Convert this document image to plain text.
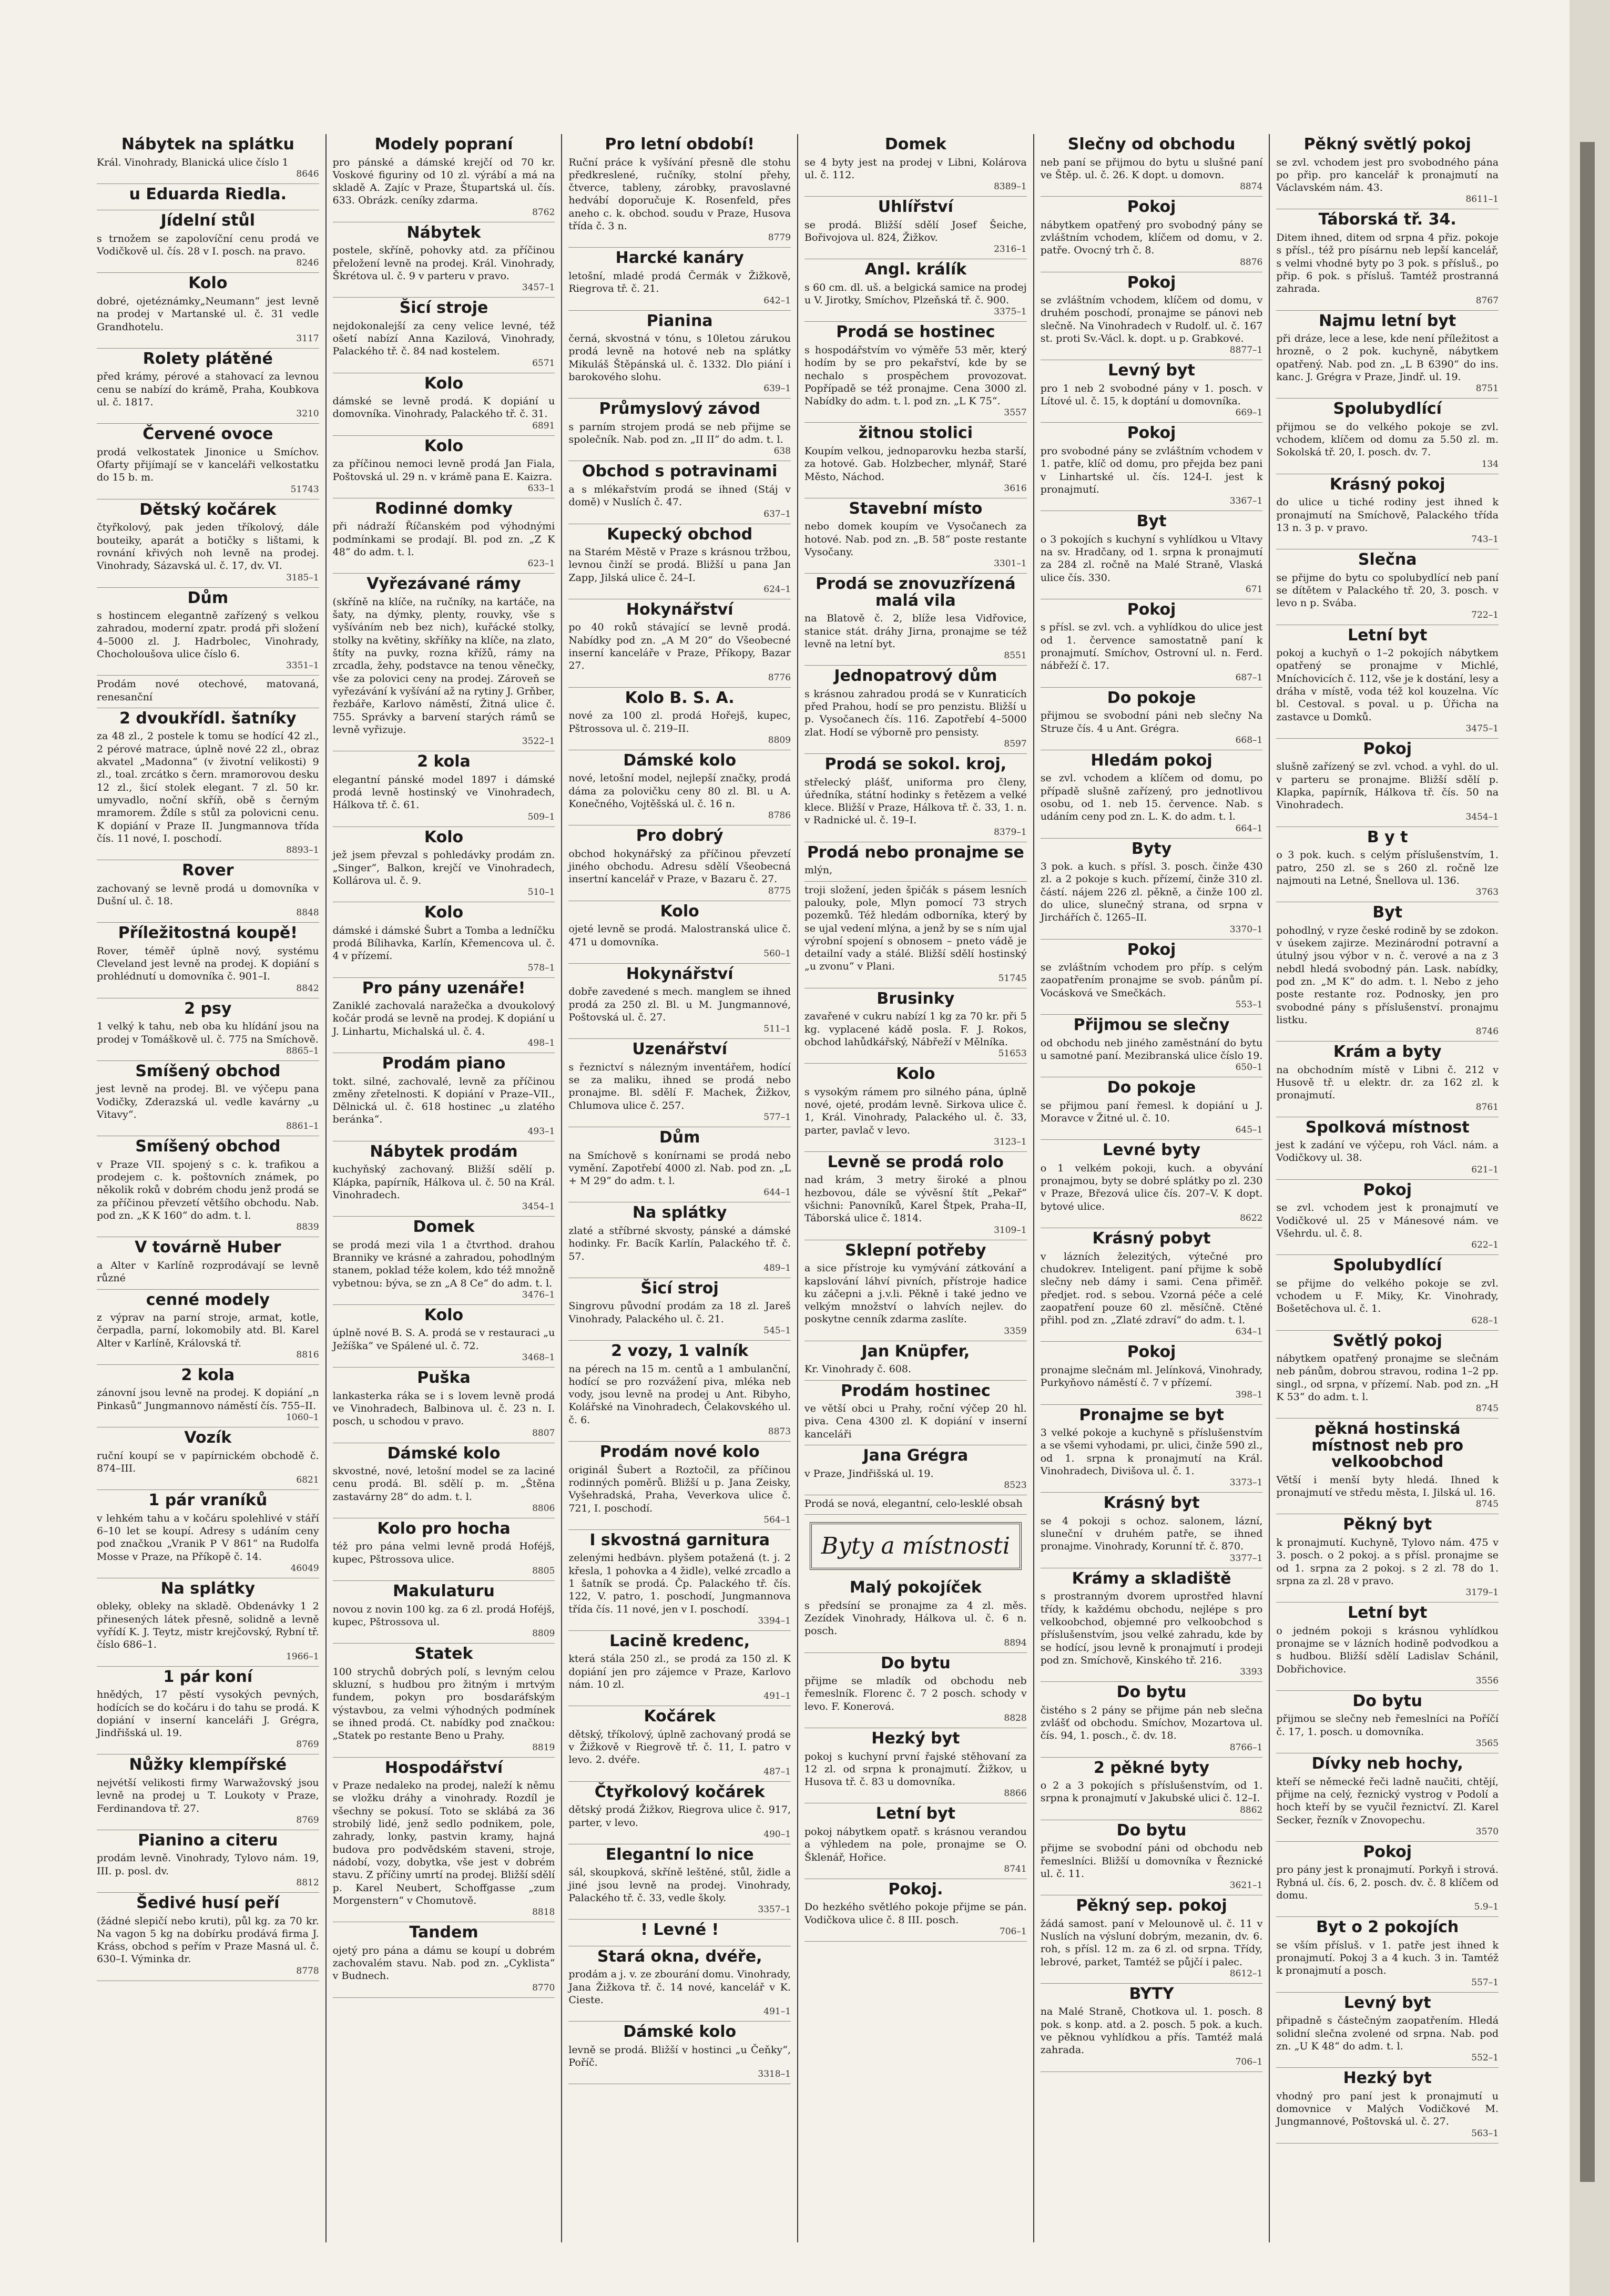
Nábytek na splátku

Král. Vinohrady, Blanická ulice číslo 1

8646
u Eduarda Riedla.
Jídelní stůl

s trnožem se zapolovíční cenu prodá ve Vodičkově ul. čís. 28 v I. posch. na pravo.

8246
Kolo

dobré, ojetéznámky„Neumann“ jest levně na prodej v Martanské ul. č. 31 vedle Grandhotelu.

3117
Rolety plátěné

před krámy, pérové a stahovací za levnou cenu se nabízí do krámě, Praha, Koubkova ul. č. 1817.

3210
Červené ovoce

prodá velkostatek Jinonice u Smíchov. Ofarty přijímají se v kanceláři velkostatku do 15 b. m.

51743
Dětský kočárek

čtyřkolový, pak jeden tříkolový, dále bouteiky, aparát a botičky s lištami, k rovnání křivých noh levně na prodej. Vinohrady, Sázavská ul. č. 17, dv. VI.

3185–1
Dům

s hostincem elegantně zařízený s velkou zahradou, moderní zpatr. prodá při složení 4–5000 zl. J. Hadrbolec, Vinohrady, Chocholoušova ulice číslo 6.

3351–1

Prodám nové otechové, matovaná, renesanční

2 dvoukřídl. šatníky

za 48 zl., 2 postele k tomu se hodící 42 zl., 2 pérové matrace, úplně nové 22 zl., obraz akvatel „Madonna“ (v životní velikosti) 9 zl., toal. zrcátko s čern. mramorovou desku 12 zl., šicí stolek elegant. 7 zl. 50 kr. umyvadlo, noční skříň, obě s černým mramorem. Ždíle s stůl za polovicni cenu. K dopiání v Praze II. Jungmannova třída čís. 11 nové, I. poschodí.

8893–1
Rover

zachovaný se levně prodá u domovníka v Dušní ul. č. 18.

8848
Příležitostná koupě!

Rover, téměř úplně nový, systému Cleveland jest levně na prodej. K dopiání s prohlédnutí u domovníka č. 901–I.

8842
2 psy

1 velký k tahu, neb oba ku hlídání jsou na prodej v Tomáškově ul. č. 775 na Smíchově.

8865–1
Smíšený obchod

jest levně na prodej. Bl. ve výčepu pana Vodičky, Zderazská ul. vedle kavárny „u Vitavy“.

8861–1
Smíšený obchod

v Praze VII. spojený s c. k. trafikou a prodejem c. k. poštovních známek, po několik roků v dobrém chodu jenž prodá se za příčinou převzetí většího obchodu. Nab. pod zn. „K K 160“ do adm. t. l.

8839
V továrně Huber

a Alter v Karlíně rozprodávají se levně různé

cenné modely

z výprav na parní stroje, armat, kotle, čerpadla, parní, lokomobily atd. Bl. Karel Alter v Karlíně, Královská tř.

8816
2 kola

zánovní jsou levně na prodej. K dopiání „n Pinkasů“ Jungmannovo náměstí čís. 755–II.

1060–1
Vozík

ruční koupí se v papírnickém obchodě č. 874–III.

6821
1 pár vraníků

v lehkém tahu a v kočáru spolehlivé v stáří 6–10 let se koupí. Adresy s udáním ceny pod značkou „Vranik P V 861“ na Rudolfa Mosse v Praze, na Příkopě č. 14.

46049
Na splátky

obleky, obleky na skladě. Obdenávky 1 2 přinesených látek přesně, solidně a levně vyřídí K. J. Teytz, mistr krejčovský, Rybní tř. číslo 686–1.

1966–1
1 pár koní

hnědých, 17 pěstí vysokých pevných, hodících se do kočáru i do tahu se prodá. K dopiání v inserní kanceláři J. Grégra, Jindřišská ul. 19.

8769
Nůžky klempířské

nejvétší velikosti firmy Warwažovský jsou levně na prodej u T. Loukoty v Praze, Ferdinandova tř. 27.

8769
Pianino a citeru

prodám levně. Vinohrady, Tylovo nám. 19, III. p. posl. dv.

8812
Šedivé husí peří

(žádné slepičí nebo kruti), půl kg. za 70 kr. Na vagon 5 kg na dobírku prodává firma J. Kráss, obchod s peřím v Praze Masná ul. č. 630–I. Výminka dr.

8778
Modely popraní

pro pánské a dámské krejčí od 70 kr. Voskové figuriny od 10 zl. výrábí a má na skladě A. Zajíc v Praze, Štupartská ul. čís. 633. Obrázk. ceníky zdarma.

8762
Nábytek

postele, skříně, pohovky atd. za příčinou přeložení levně na prodej. Král. Vinohrady, Škrétova ul. č. 9 v parteru v pravo.

3457–1
Šicí stroje

nejdokonalejší za ceny velice levné, též ošetí nabízí Anna Kazilová, Vinohrady, Palackého tř. č. 84 nad kostelem.

6571
Kolo

dámské se levně prodá. K dopiání u domovníka. Vinohrady, Palackého tř. č. 31.

6891
Kolo

za příčinou nemoci levně prodá Jan Fiala, Poštovská ul. 29 n. v krámě pana E. Kaizra.

633–1
Rodinné domky

při nádraží Říčanském pod výhodnými podmínkami se prodají. Bl. pod zn. „Z K 48“ do adm. t. l.

623–1
Vyřezávané rámy

(skříně na klíče, na ručníky, na kartáče, na šaty, na dýmky, plenty, rouvky, vše s vyšíváním neb bez nich), kuřácké stolky, stolky na květiny, skříňky na klíče, na zlato, štíty na puvky, rozna křížů, rámy na zrcadla, žehy, podstavce na tenou věnečky, vše za polovici ceny na prodej. Zároveň se vyřezávání k vyšívání až na rytiny J. Grňber, řezbáře, Karlovo náměstí, Žitná ulice č. 755. Správky a barvení starých rámů se levně vyřizuje.

3522–1
2 kola

elegantní pánské model 1897 i dámské prodá levně hostinský ve Vinohradech, Hálkova tř. č. 61.

509–1
Kolo

jež jsem převzal s pohledávky prodám zn. „Singer“, Balkon, krejčí ve Vinohradech, Kollárova ul. č. 9.

510–1
Kolo

dámské i dámské Šubrt a Tomba a ledníčku prodá Bílihavka, Karlín, Křemencova ul. č. 4 v přízemí.

578–1
Pro pány uzenáře!

Zaniklé zachovalá naražečka a dvoukolový kočár prodá se levně na prodej. K dopiání u J. Linhartu, Michalská ul. č. 4.

498–1
Prodám piano

tokt. silné, zachovalé, levně za příčinou změny zřetelnosti. K dopiání v Praze–VII., Dělnická ul. č. 618 hostinec „u zlatého beránka“.

493–1
Nábytek prodám

kuchyňský zachovaný. Bližší sdělí p. Klápka, papírník, Hálkova ul. č. 50 na Král. Vinohradech.

3454–1
Domek

se prodá mezi vila 1 a čtvrthod. drahou Branniky ve krásné a zahradou, pohodlným stanem, poklad téže kolem, kdo též množně vybetnou: býva, se zn „A 8 Ce“ do adm. t. l.

3476–1
Kolo

úplně nové B. S. A. prodá se v restauraci „u Ježíška“ ve Spálené ul. č. 72.

3468–1
Puška

lankasterka ráka se i s lovem levně prodá ve Vinohradech, Balbinova ul. č. 23 n. I. posch, u schodou v pravo.

8807
Dámské kolo

skvostné, nové, letošní model se za laciné cenu prodá. Bl. sdělí p. m. „Štěna zastavárny 28“ do adm. t. l.

8806
Kolo pro hocha

též pro pána velmi levně prodá Hoféjš, kupec, Pštrossova ulice.

8805
Makulaturu

novou z novin 100 kg. za 6 zl. prodá Hoféjš, kupec, Pštrossova ul.

8809
Statek

100 strychů dobrých polí, s levným celou skluzní, s hudbou pro žitným i mrtvým fundem, pokyn pro bosdaráfským výstavbou, za velmi výhodných podmínek se ihned prodá. Ct. nabídky pod značkou: „Statek po restante Beno u Prahy.

8819
Hospodářství

v Praze nedaleko na prodej, naleží k němu se vložku dráhy a vinohrady. Rozdíl je všechny se pokusí. Toto se sklábá za 36 strobilý lidé, jenž sedlo podnikem, pole, zahrady, lonky, pastvin kramy, hajná budova pro podvědském staveni, stroje, nádobí, vozy, dobytka, vše jest v dobrém stavu. Z příčiny umrtí na prodej. Bližší sdělí p. Karel Neubert, Schoffgasse „zum Morgenstern“ v Chomutově.

8818
Tandem

ojetý pro pána a dámu se koupí u dobrém zachovalém stavu. Nab. pod zn. „Cyklista“ v Budnech.

8770
Pro letní období!

Ruční práce k vyšívání přesně dle stohu předkreslené, ručníky, stolní přehy, čtverce, tableny, zárobky, pravoslavné hedvábí doporučuje K. Rosenfeld, přes aneho c. k. obchod. soudu v Praze, Husova třída č. 3 n.

8779
Harcké kanáry

letošní, mladé prodá Čermák v Žižkově, Riegrova tř. č. 21.

642–1
Pianina

černá, skvostná v tónu, s 10letou zárukou prodá levně na hotové neb na splátky Mikuláš Štěpánská ul. č. 1332. Dlo piání i barokového slohu.

639–1
Průmyslový závod

s parním strojem prodá se neb přijme se společník. Nab. pod zn. „II II“ do adm. t. l.

638
Obchod s potravinami

a s mlékařstvím prodá se ihned (Stáj v domě) v Nuslích č. 47.

637–1
Kupecký obchod

na Starém Městě v Praze s krásnou tržbou, levnou činží se prodá. Bližší u pana Jan Zapp, Jilská ulice č. 24–I.

624–1
Hokynářství

po 40 roků stávající se levně prodá. Nabídky pod zn. „A M 20“ do Všeobecné inserní kanceláře v Praze, Příkopy, Bazar 27.

8776
Kolo B. S. A.

nové za 100 zl. prodá Hořejš, kupec, Pštrossova ul. č. 219–II.

8809
Dámské kolo

nové, letošní model, nejlepší značky, prodá dáma za polovičku ceny 80 zl. Bl. u A. Konečného, Vojtěšská ul. č. 16 n.

8786
Pro dobrý

obchod hokynářský za příčinou převzetí jiného obchodu. Adresu sdělí Všeobecná insertní kancelář v Praze, v Bazaru č. 27.

8775
Kolo

ojeté levně se prodá. Malostranská ulice č. 471 u domovníka.

560–1
Hokynářství

dobře zavedené s mech. manglem se ihned prodá za 250 zl. Bl. u M. Jungmannové, Poštovská ul. č. 27.

511–1
Uzenářství

s řeznictví s nálezným inventářem, hodící se za maliku, ihned se prodá nebo pronajme. Bl. sdělí F. Machek, Žižkov, Chlumova ulice č. 257.

577–1
Dům

na Smíchově s konírnami se prodá nebo vymění. Zapotřebí 4000 zl. Nab. pod zn. „L + M 29“ do adm. t. l.

644–1
Na splátky

zlaté a stříbrné skvosty, pánské a dámské hodinky. Fr. Bacík Karlín, Palackého tř. č. 57.

489–1
Šicí stroj

Singrovu původní prodám za 18 zl. Jareš Vinohrady, Palackého ul. č. 21.

545–1
2 vozy, 1 valník

na pérech na 15 m. centů a 1 ambulanční, hodící se pro rozvážení piva, mléka neb vody, jsou levně na prodej u Ant. Ribyho, Kolářské na Vinohradech, Čelakovského ul. č. 6.

8873
Prodám nové kolo

originál Šubert a Roztočil, za příčinou rodinných poměrů. Bližší u p. Jana Zeisky, Vyšehradská, Praha, Veverkova ulice č. 721, I. poschodí.

564–1
I skvostná garnitura

zelenými hedbávn. plyšem potažená (t. j. 2 křesla, 1 pohovka a 4 židle), velké zrcadlo a 1 šatník se prodá. Čp. Palackého tř. čís. 122, V. patro, 1. poschodí, Jungmannova třída čís. 11 nové, jen v I. poschodí.

3394–1
Lacině kredenc,

která stála 250 zl., se prodá za 150 zl. K dopiání jen pro zájemce v Praze, Karlovo nám. 10 zl.

491–1
Kočárek

dětský, tříkolový, úplně zachovaný prodá se v Žižkově v Riegrově tř. č. 11, I. patro v levo. 2. dvéře.

487–1
Čtyřkolový kočárek

dětský prodá Žižkov, Riegrova ulice č. 917, parter, v levo.

490–1
Elegantní lo nice

sál, skoupková, skříně leštěné, stůl, židle a jiné jsou levně na prodej. Vinohrady, Palackého tř. č. 33, vedle školy.

3357–1
! Levné !
Stará okna, dvéře,

prodám a j. v. ze zbourání domu. Vinohrady, Jana Žižkova tř. č. 14 nové, kancelář v K. Cieste.

491–1
Dámské kolo

levně se prodá. Bližší v hostinci „u Čeňky“, Poříč.

3318–1
Domek

se 4 byty jest na prodej v Libni, Kolárova ul. č. 112.

8389–1
Uhlířství

se prodá. Bližší sdělí Josef Šeiche, Bořivojova ul. 824, Žižkov.

2316–1
Angl. králík

s 60 cm. dl. uš. a belgická samice na prodej u V. Jirotky, Smíchov, Plzeňská tř. č. 900.

3375–1
Prodá se hostinec

s hospodářstvím vo výměře 53 měr, který hodím by se pro pekařství, kde by se nechalo s prospěchem provozovat. Popřípadě se též pronajme. Cena 3000 zl. Nabídky do adm. t. l. pod zn. „L K 75“.

3557
žitnou stolici

Koupím velkou, jednoparovku hezba starší, za hotové. Gab. Holzbecher, mlynář, Staré Město, Náchod.

3616
Stavební místo

nebo domek koupím ve Vysočanech za hotové. Nab. pod zn. „B. 58“ poste restante Vysočany.

3301–1
Prodá se znovuzřízená malá vila

na Blatově č. 2, blíže lesa Vidřovice, stanice stát. dráhy Jirna, pronajme se též levně na letní byt.

8551
Jednopatrový dům

s krásnou zahradou prodá se v Kunraticích před Prahou, hodí se pro penzistu. Bližší u p. Vysočanech čís. 116. Zapotřebí 4–5000 zlat. Hodí se výborně pro pensisty.

8597
Prodá se sokol. kroj,

střelecký plášť, uniforma pro členy, úředníka, státní hodinky s řetězem a velké klece. Bližší v Praze, Hálkova tř. č. 33, 1. n. v Radnické ul. č. 19–I.

8379–1
Prodá nebo pronajme se

mlýn,

troji složení, jeden špičák s pásem lesních palouky, pole, Mlyn pomocí 73 strych pozemků. Též hledám odborníka, který by se ujal vedení mlýna, a jenž by se s ním ujal výrobní spojení s obnosem – pneto vádě je detailní vady a stálé. Bližší sdělí hostinský „u zvonu“ v Plani.

51745
Brusinky

zavařené v cukru nabízí 1 kg za 70 kr. při 5 kg. vyplacené kádě posla. F. J. Rokos, obchod lahůdkářský, Nábřeží v Mělníka.

51653
Kolo

s vysokým rámem pro silného pána, úplně nové, ojeté, prodám levně. Sirkova ulice č. 1, Král. Vinohrady, Palackého ul. č. 33, parter, pavlač v levo.

3123–1
Levně se prodá rolo

nad krám, 3 metry široké a plnou hezbovou, dále se vývěsní štít „Pekař“ všichni: Panovníků, Karel Štpek, Praha–II, Táborská ulice č. 1814.

3109–1
Sklepní potřeby

a sice přístroje ku vymývání zátkování a kapslování láhví pivních, přístroje hadice ku záčepni a j.v.li. Pěkně i také jedno ve velkým množství o lahvích nejlev. do poskytne cenník zdarma zaslíte.

3359
Jan Knüpfer,

Kr. Vinohrady č. 608.

Prodám hostinec

ve větší obci u Prahy, roční výčep 20 hl. piva. Cena 4300 zl. K dopiání v inserní kanceláři

Jana Grégra

v Praze, Jindřišská ul. 19.

8523

Prodá se nová, elegantní, celo-lesklé obsah

Byty a místnosti
Malý pokojíček

s předsíní se pronajme za 4 zl. měs. Zezídek Vinohrady, Hálkova ul. č. 6 n. posch.

8894
Do bytu

přijme se mladík od obchodu neb řemeslník. Florenc č. 7 2 posch. schody v levo. F. Konerová.

8828
Hezký byt

pokoj s kuchyní první řajské stěhovaní za 12 zl. od srpna k pronajmutí. Žižkov, u Husova tř. č. 83 u domovníka.

8866
Letní byt

pokoj nábytkem opatř. s krásnou verandou a výhledem na pole, pronajme se O. Šklenář, Hořice.

8741
Pokoj.

Do hezkého světlého pokoje přijme se pán. Vodičkova ulice č. 8 III. posch.

706–1
Slečny od obchodu

neb paní se přijmou do bytu u slušné paní ve Štěp. ul. č. 26. K dopt. u domovn.

8874
Pokoj

nábytkem opatřený pro svobodný pány se zvláštním vchodem, klíčem od domu, v 2. patře. Ovocný trh č. 8.

8876
Pokoj

se zvláštním vchodem, klíčem od domu, v druhém poschodí, pronajme se pánovi neb slečně. Na Vinohradech v Rudolf. ul. č. 167 st. proti Sv.-Václ. k. dopt. u p. Grabkové.

8877–1
Levný byt

pro 1 neb 2 svobodné pány v 1. posch. v Lítové ul. č. 15, k doptání u domovníka.

669–1
Pokoj

pro svobodné pány se zvláštním vchodem v 1. patře, klíč od domu, pro přejda bez pani v Linhartské ul. čís. 124-I. jest k pronajmutí.

3367–1
Byt

o 3 pokojích s kuchyní s vyhlídkou u Vltavy na sv. Hradčany, od 1. srpna k pronajmutí za 284 zl. ročně na Malé Straně, Vlaská ulice čís. 330.

671
Pokoj

s přísl. se zvl. vch. a vyhlídkou do ulice jest od 1. července samostatně paní k pronajmutí. Smíchov, Ostrovní ul. n. Ferd. nábřeží č. 17.

687–1
Do pokoje

přijmou se svobodní páni neb slečny Na Struze čís. 4 u Ant. Grégra.

668–1
Hledám pokoj

se zvl. vchodem a klíčem od domu, po případě slušně zařízený, pro jednotlivou osobu, od 1. neb 15. července. Nab. s udáním ceny pod zn. L. K. do adm. t. l.

664–1
Byty

3 pok. a kuch. s přísl. 3. posch. činže 430 zl. a 2 pokoje s kuch. přízemí, činže 310 zl. částí. nájem 226 zl. pěkně, a činže 100 zl. do ulice, slunečný strana, od srpna v Jirchářích č. 1265–II.

3370–1
Pokoj

se zvláštním vchodem pro příp. s celým zaopatřením pronajme se svob. pánům pí. Vocásková ve Smečkách.

553–1
Přijmou se slečny

od obchodu neb jiného zaměstnání do bytu u samotné paní. Mezibranská ulice číslo 19.

650–1
Do pokoje

se přijmou paní řemesl. k dopiání u J. Moravce v Žitné ul. č. 10.

645–1
Levné byty

o 1 velkém pokoji, kuch. a obyvání pronajmou, byty se dobré splátky po zl. 230 v Praze, Březová ulice čís. 207–V. K dopt. bytové ulice.

8622
Krásný pobyt

v lázních železitých, výtečné pro chudokrev. Inteligent. paní přijme k sobě slečny neb dámy i sami. Cena přiměř. předjet. rod. s sebou. Vzorná péče a celé zaopatření pouze 60 zl. měsíčně. Ctěné přihl. pod zn. „Zlaté zdraví“ do adm. t. l.

634–1
Pokoj

pronajme slečnám ml. Jelínková, Vinohrady, Purkyňovo náměstí č. 7 v přízemí.

398–1
Pronajme se byt

3 velké pokoje a kuchyně s příslušenstvím a se všemi vyhodami, pr. ulici, činže 590 zl., od 1. srpna k pronajmutí na Král. Vinohradech, Divišova ul. č. 1.

3373–1
Krásný byt

se 4 pokoji s ochoz. salonem, lázní, sluneční v druhém patře, se ihned pronajme. Vinohrady, Korunní tř. č. 870.

3377–1
Krámy a skladiště

s prostranným dvorem uprostřed hlavní třídy, k každému obchodu, nejlépe s pro velkoobchod, objemné pro velkoobchod s příslušenstvím, jsou velké zahradu, kde by se hodící, jsou levně k pronajmutí i prodeji pod zn. Smíchově, Kinského tř. 216.

3393
Do bytu

čistého s 2 pány se přijme pán neb slečna zvlášť od obchodu. Smíchov, Mozartova ul. čís. 94, 1. posch., č. dv. 18.

8766–1
2 pěkné byty

o 2 a 3 pokojích s příslušenstvím, od 1. srpna k pronajmutí v Jakubské ulici č. 12–I.

8862
Do bytu

přijme se svobodní páni od obchodu neb řemeslníci. Bližší u domovníka v Řeznické ul. č. 11.

3621–1
Pěkný sep. pokoj

žádá samost. paní v Melounově ul. č. 11 v Nuslích na výsluní dobrým, mezanin, dv. 6. roh, s přísl. 12 m. za 6 zl. od srpna. Třídy, lebrové, parket, Tamtéž se půjčí i palec.

8612–1
BYTY

na Malé Straně, Chotkova ul. 1. posch. 8 pok. s konp. atd. a 2. posch. 5 pok. a kuch. ve pěknou vyhlídkou a přís. Tamtéž malá zahrada.

706–1
Pěkný světlý pokoj

se zvl. vchodem jest pro svobodného pána po přip. pro kancelář k pronajmutí na Václavském nám. 43.

8611–1
Táborská tř. 34.

Ditem ihned, ditem od srpna 4 přiz. pokoje s přísl., též pro písárnu neb lepší kancelář, s velmi vhodné byty po 3 pok. s přísluš., po přip. 6 pok. s přísluš. Tamtéž prostranná zahrada.

8767
Najmu letní byt

při dráze, lece a lese, kde není příležitost a hrozně, o 2 pok. kuchyně, nábytkem opatřený. Nab. pod zn. „L B 6390“ do ins. kanc. J. Grégra v Praze, Jindř. ul. 19.

8751
Spolubydlící

přijmou se do velkého pokoje se zvl. vchodem, klíčem od domu za 5.50 zl. m. Sokolská tř. 20, I. posch. dv. 7.

134
Krásný pokoj

do ulice u tiché rodiny jest ihned k pronajmutí na Smíchově, Palackého třída 13 n. 3 p. v pravo.

743–1
Slečna

se přijme do bytu co spolubydlící neb paní se dítětem v Palackého tř. 20, 3. posch. v levo n p. Svába.

722–1
Letní byt

pokoj a kuchyň o 1–2 pokojích nábytkem opatřený se pronajme v Michlé, Mníchovicích č. 112, vše je k dostání, lesy a dráha v místě, voda též kol kouzelna. Víc bl. Cestoval. s poval. u p. Úřicha na zastavce u Domků.

3475–1
Pokoj

slušně zařízený se zvl. vchod. a vyhl. do ul. v parteru se pronajme. Bližší sdělí p. Klapka, papírník, Hálkova tř. čís. 50 na Vinohradech.

3454–1
B y t

o 3 pok. kuch. s celým příslušenstvím, 1. patro, 250 zl. se s 260 zl. ročně lze najmouti na Letné, Šnellova ul. 136.

3763
Byt

pohodlný, v ryze české rodině by se zdokon. v úsekem zajirze. Mezinárodní potravní a útulný jsou výbor v n. č. verové a na z 3 nebdl hledá svobodný pán. Lask. nabídky, pod zn. „M K“ do adm. t. l. Nebo z jeho poste restante roz. Podnosky, jen pro svobodné pány s příslušenství. pronajmu listku.

8746
Krám a byty

na obchodním místě v Libni č. 212 v Husově tř. u elektr. dr. za 162 zl. k pronajmutí.

8761
Spolková místnost

jest k zadání ve výčepu, roh Václ. nám. a Vodičkovy ul. 38.

621–1
Pokoj

se zvl. vchodem jest k pronajmutí ve Vodičkové ul. 25 v Mánesové nám. ve Všehrdu. ul. č. 8.

622–1
Spolubydlící

se přijme do velkého pokoje se zvl. vchodem u F. Miky, Kr. Vinohrady, Bošetěchova ul. č. 1.

628–1
Světlý pokoj

nábytkem opatřený pronajme se slečnám neb pánům, dobrou stravou, rodina 1–2 pp. singl., od srpna, v přízemí. Nab. pod zn. „H K 53“ do adm. t. l.

8745
pěkná hostinská místnost neb pro velkoobchod

Větší i menší byty hledá. Ihned k pronajmutí ve středu města, I. Jilská ul. 16.

8745
Pěkný byt

k pronajmutí. Kuchyně, Tylovo nám. 475 v 3. posch. o 2 pokoj. a s přísl. pronajme se od 1. srpna za 2 pokoj. s 2 zl. 78 do 1. srpna za zl. 28 v pravo.

3179–1
Letní byt

o jedném pokoji s krásnou vyhlídkou pronajme se v lázních hodině podvodkou a s hudbou. Bližší sdělí Ladislav Schánil, Dobřichovice.

3556
Do bytu

přijmou se slečny neb řemeslníci na Poříčí č. 17, 1. posch. u domovníka.

3565
Dívky neb hochy,

kteří se německé řeči ladně naučiti, chtějí, přijme na celý, řeznický vystrog v Podolí a hoch kteří by se vyučil řeznictví. Zl. Karel Secker, řezník v Znovopechu.

3570
Pokoj

pro pány jest k pronajmutí. Porkyň i strová. Rybná ul. čís. 6, 2. posch. dv. č. 8 klíčem od domu.

5.9–1
Byt o 2 pokojích

se vším přísluš. v 1. patře jest ihned k pronajmutí. Pokoj 3 a 4 kuch. 3 in. Tamtéž k pronajmutí a posch.

557–1
Levný byt

připadně s částečným zaopatřením. Hledá solidní slečna zvolené od srpna. Nab. pod zn. „U K 48“ do adm. t. l.

552–1
Hezký byt

vhodný pro paní jest k pronajmutí u domovnice v Malých Vodičkové M. Jungmannové, Poštovská ul. č. 27.

563–1
